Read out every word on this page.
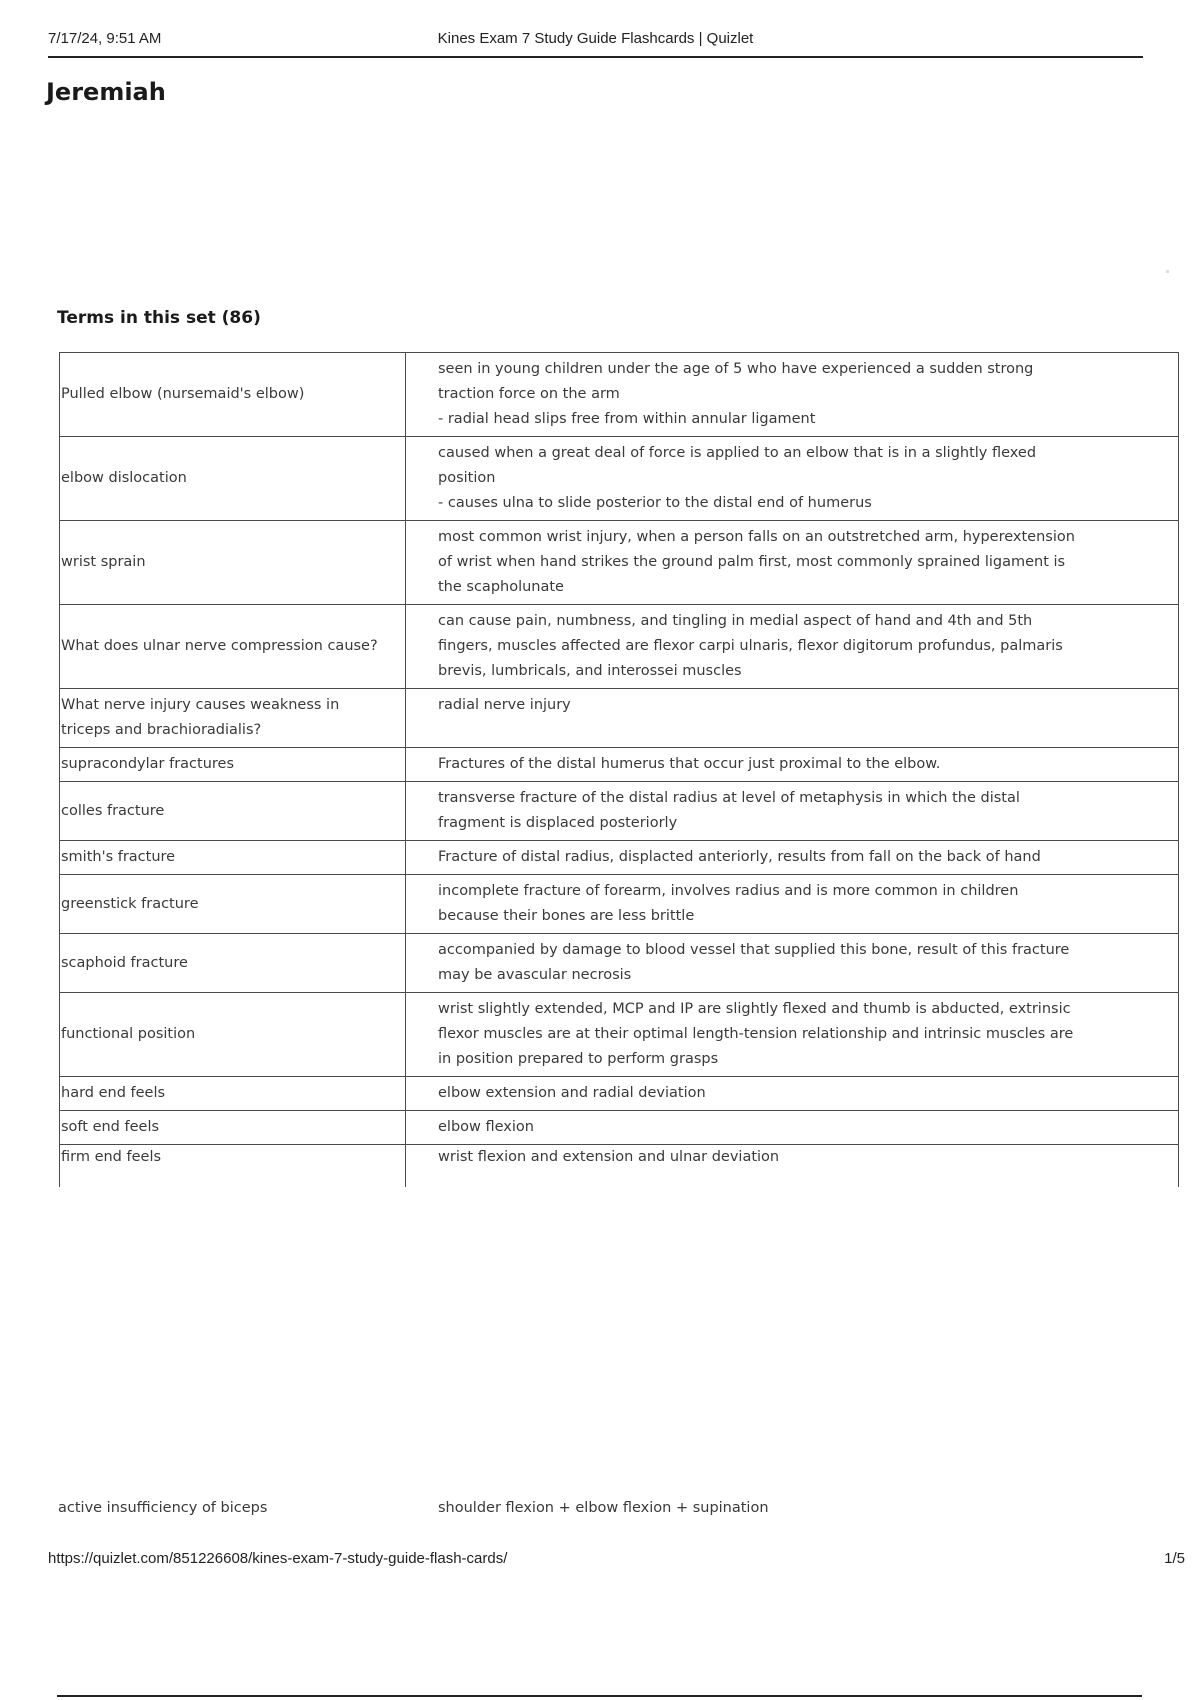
7/17/24, 9:51 AM	Kines Exam 7 Study Guide Flashcards | Quizlet
Jeremiah
Terms in this set (86)
Pulled elbow (nursemaid's elbow)	seen in young children under the age of 5 who have experienced a sudden strong
traction force on the arm
- radial head slips free from within annular ligament
elbow dislocation	caused when a great deal of force is applied to an elbow that is in a slightly flexed
position
- causes ulna to slide posterior to the distal end of humerus
wrist sprain	most common wrist injury, when a person falls on an outstretched arm, hyperextension
of wrist when hand strikes the ground palm first, most commonly sprained ligament is
the scapholunate
What does ulnar nerve compression cause?	can cause pain, numbness, and tingling in medial aspect of hand and 4th and 5th
fingers, muscles affected are flexor carpi ulnaris, flexor digitorum profundus, palmaris
brevis, lumbricals, and interossei muscles
What nerve injury causes weakness in triceps and brachioradialis?	radial nerve injury
supracondylar fractures	Fractures of the distal humerus that occur just proximal to the elbow.
colles fracture	transverse fracture of the distal radius at level of metaphysis in which the distal
fragment is displaced posteriorly
smith's fracture	Fracture of distal radius, displacted anteriorly, results from fall on the back of hand
greenstick fracture	incomplete fracture of forearm, involves radius and is more common in children
because their bones are less brittle
scaphoid fracture	accompanied by damage to blood vessel that supplied this bone, result of this fracture
may be avascular necrosis
functional position	wrist slightly extended, MCP and IP are slightly flexed and thumb is abducted, extrinsic
flexor muscles are at their optimal length-tension relationship and intrinsic muscles are
in position prepared to perform grasps
hard end feels	elbow extension and radial deviation
soft end feels	elbow flexion
firm end feels	wrist flexion and extension and ulnar deviation
active insufficiency of biceps	shoulder flexion + elbow flexion + supination
https://quizlet.com/851226608/kines-exam-7-study-guide-flash-cards/	1/5
